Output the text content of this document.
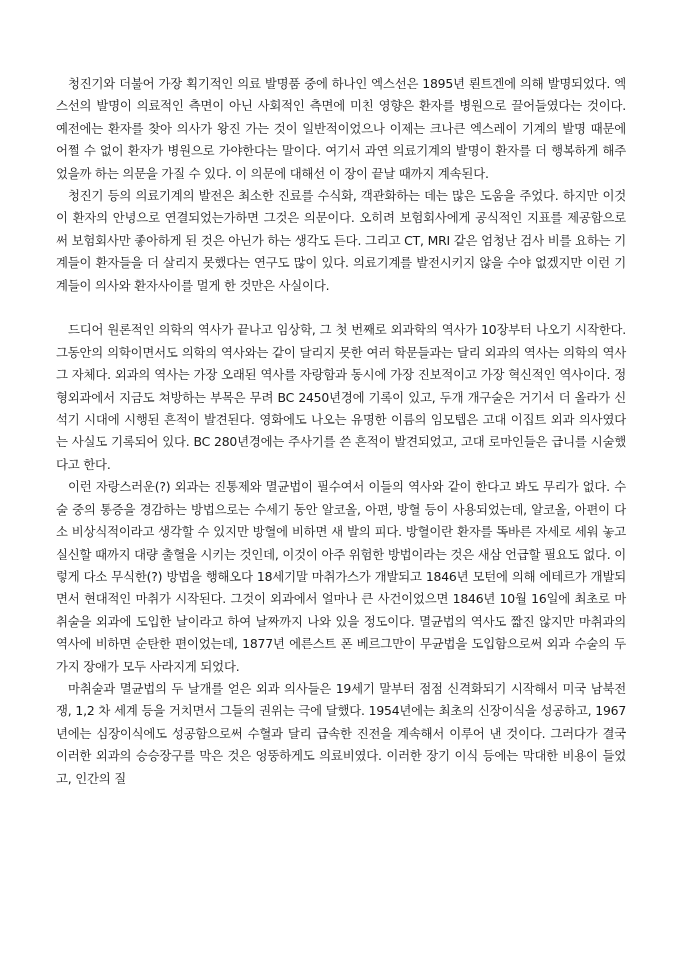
청진기와 더불어 가장 획기적인 의료 발명품 중에 하나인 엑스선은 1895년 뢴트겐에 의해 발명되었다. 엑스선의 발명이 의료적인 측면이 아닌 사회적인 측면에 미친 영향은 환자를 병원으로 끌어들였다는 것이다. 예전에는 환자를 찾아 의사가 왕진 가는 것이 일반적이었으나 이제는 크나큰 엑스레이 기계의 발명 때문에 어쩔 수 없이 환자가 병원으로 가야한다는 말이다. 여기서 과연 의료기계의 발명이 환자를 더 행복하게 해주었을까 하는 의문을 가질 수 있다. 이 의문에 대해선 이 장이 끝날 때까지 계속된다.

청진기 등의 의료기계의 발전은 최소한 진료를 수식화, 객관화하는 데는 많은 도움을 주었다. 하지만 이것이 환자의 안녕으로 연결되었는가하면 그것은 의문이다. 오히려 보험회사에게 공식적인 지표를 제공함으로써 보험회사만 좋아하게 된 것은 아닌가 하는 생각도 든다. 그리고 CT, MRI 같은 엄청난 검사 비를 요하는 기계들이 환자들을 더 살리지 못했다는 연구도 많이 있다. 의료기계를 발전시키지 않을 수야 없겠지만 이런 기계들이 의사와 환자사이를 멀게 한 것만은 사실이다.

드디어 원론적인 의학의 역사가 끝나고 임상학, 그 첫 번째로 외과학의 역사가 10장부터 나오기 시작한다. 그동안의 의학이면서도 의학의 역사와는 같이 달리지 못한 여러 학문들과는 달리 외과의 역사는 의학의 역사 그 자체다. 외과의 역사는 가장 오래된 역사를 자랑함과 동시에 가장 진보적이고 가장 혁신적인 역사이다. 정형외과에서 지금도 쳐방하는 부목은 무려 BC 2450년경에 기록이 있고, 두개 개구술은 거기서 더 올라가 신석기 시대에 시행된 흔적이 발견된다. 영화에도 나오는 유명한 이름의 임모텝은 고대 이집트 외과 의사였다는 사실도 기록되어 있다. BC 280년경에는 주사기를 쓴 흔적이 발견되었고, 고대 로마인들은 급니를 시술했다고 한다.

이런 자랑스러운(?) 외과는 진통제와 멸균법이 필수여서 이들의 역사와 같이 한다고 봐도 무리가 없다. 수술 중의 통증을 경감하는 방법으로는 수세기 동안 알코올, 아편, 방혈 등이 사용되었는데, 알코올, 아편이 다소 비상식적이라고 생각할 수 있지만 방혈에 비하면 새 발의 피다. 방혈이란 환자를 똑바른 자세로 세워 놓고 실신할 때까지 대량 출혈을 시키는 것인데, 이것이 아주 위험한 방법이라는 것은 새삼 언급할 필요도 없다. 이렇게 다소 무식한(?) 방법을 행해오다 18세기말 마취가스가 개발되고 1846년 모턴에 의해 에테르가 개발되면서 현대적인 마취가 시작된다. 그것이 외과에서 얼마나 큰 사건이었으면 1846년 10월 16일에 최초로 마취술을 외과에 도입한 날이라고 하여 날짜까지 나와 있을 정도이다. 멸균법의 역사도 짧진 않지만 마취과의 역사에 비하면 순탄한 편이었는데, 1877년 에른스트 폰 베르그만이 무균법을 도입함으로써 외과 수술의 두 가지 장애가 모두 사라지게 되었다.

마취술과 멸균법의 두 날개를 얻은 외과 의사들은 19세기 말부터 점점 신격화되기 시작해서 미국 남북전쟁, 1,2 차 세계 등을 거치면서 그들의 권위는 극에 달했다. 1954년에는 최초의 신장이식을 성공하고, 1967년에는 심장이식에도 성공함으로써 수혈과 달리 급속한 진전을 계속해서 이루어 낸 것이다. 그러다가 결국 이러한 외과의 승승장구를 막은 것은 엉뚱하게도 의료비였다. 이러한 장기 이식 등에는 막대한 비용이 들었고, 인간의 질
